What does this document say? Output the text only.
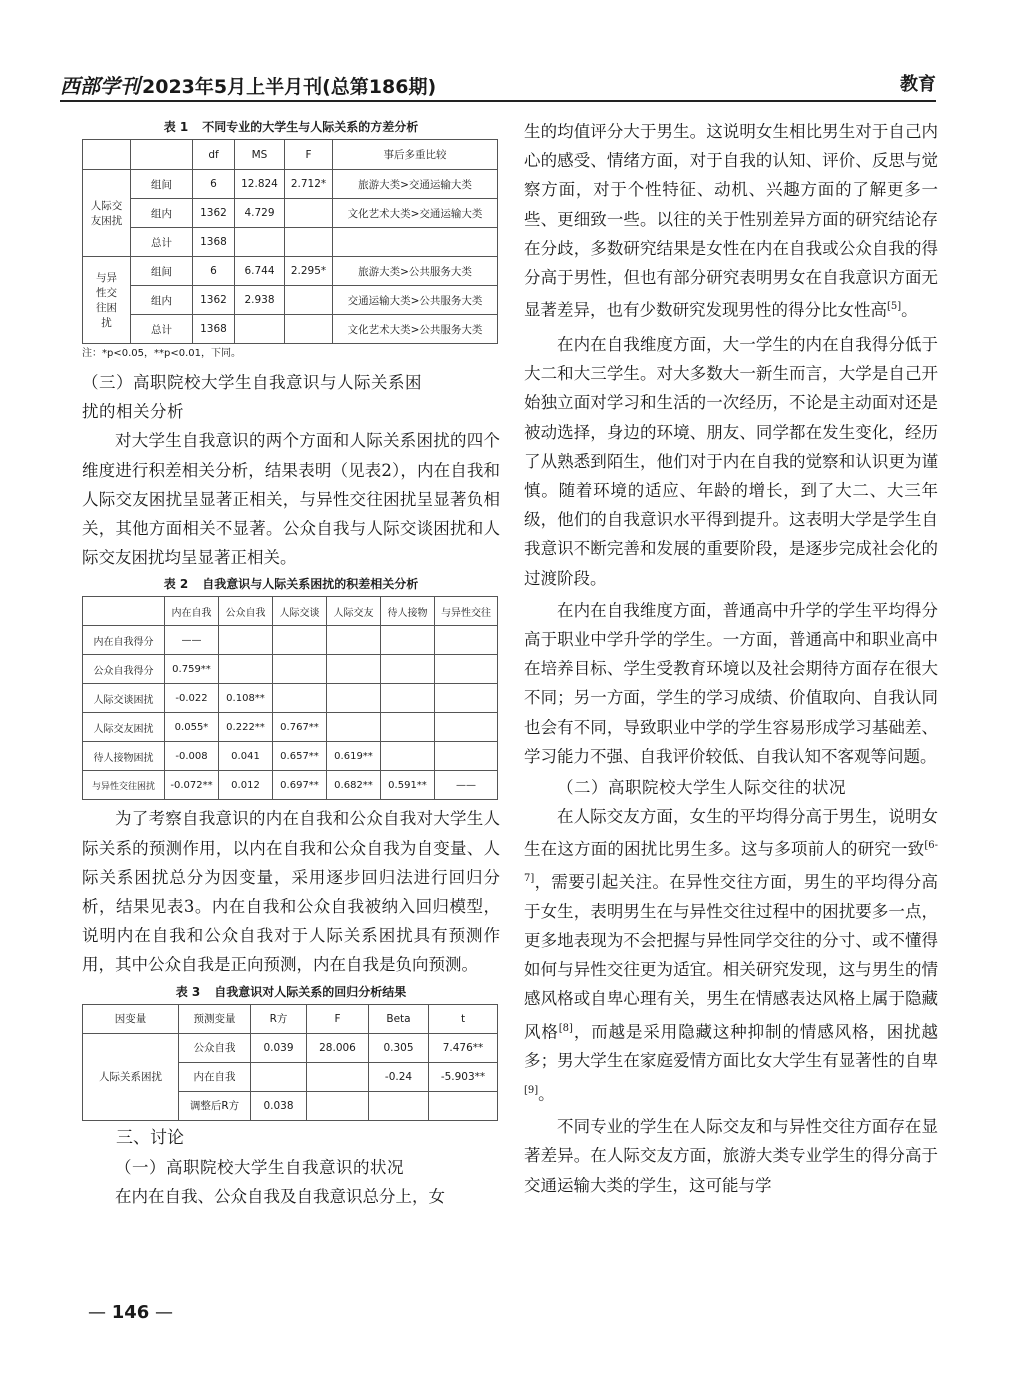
西部学刊 2023年5月上半月刊(总第186期)	教育
表 1 不同专业的大学生与人际关系的方差分析
		df	MS	F	事后多重比较
人际交友困扰	组间	6	12.824	2.712*	旅游大类>交通运输大类
	组内	1362	4.729		文化艺术大类>交通运输大类
	总计	1368			
与异性交往困扰	组间	6	6.744	2.295*	旅游大类>公共服务大类
	组内	1362	2.938		交通运输大类>公共服务大类
	总计	1368			文化艺术大类>公共服务大类

注：*p<0.05，**p<0.01，下同。

（三）高职院校大学生自我意识与人际关系困

扰的相关分析

对大学生自我意识的两个方面和人际关系困扰的四个维度进行积差相关分析，结果表明（见表2），内在自我和人际交友困扰呈显著正相关，与异性交往困扰呈显著负相关，其他方面相关不显著。公众自我与人际交谈困扰和人际交友困扰均呈显著正相关。

表 2 自我意识与人际关系困扰的积差相关分析
	内在自我	公众自我	人际交谈	人际交友	待人接物	与异性交往
内在自我得分	——					
公众自我得分	0.759**					
人际交谈困扰	-0.022	0.108**				
人际交友困扰	0.055*	0.222**	0.767**			
待人接物困扰	-0.008	0.041	0.657**	0.619**		
与异性交往困扰	-0.072**	0.012	0.697**	0.682**	0.591**	——

为了考察自我意识的内在自我和公众自我对大学生人际关系的预测作用，以内在自我和公众自我为自变量、人际关系困扰总分为因变量，采用逐步回归法进行回归分析，结果见表3。内在自我和公众自我被纳入回归模型，说明内在自我和公众自我对于人际关系困扰具有预测作用，其中公众自我是正向预测，内在自我是负向预测。

表 3 自我意识对人际关系的回归分析结果
因变量	预测变量	R方	F	Beta	t
人际关系困扰	公众自我	0.039	28.006	0.305	7.476**
	内在自我			-0.24	-5.903**
	调整后R方	0.038			

三、讨论

（一）高职院校大学生自我意识的状况

在内在自我、公众自我及自我意识总分上，女

生的均值评分大于男生。这说明女生相比男生对于自己内心的感受、情绪方面，对于自我的认知、评价、反思与觉察方面，对于个性特征、动机、兴趣方面的了解更多一些、更细致一些。以往的关于性别差异方面的研究结论存在分歧，多数研究结果是女性在内在自我或公众自我的得分高于男性，但也有部分研究表明男女在自我意识方面无显著差异，也有少数研究发现男性的得分比女性高[5]。

在内在自我维度方面，大一学生的内在自我得分低于大二和大三学生。对大多数大一新生而言，大学是自己开始独立面对学习和生活的一次经历，不论是主动面对还是被动选择，身边的环境、朋友、同学都在发生变化，经历了从熟悉到陌生，他们对于内在自我的觉察和认识更为谨慎。随着环境的适应、年龄的增长，到了大二、大三年级，他们的自我意识水平得到提升。这表明大学是学生自我意识不断完善和发展的重要阶段，是逐步完成社会化的过渡阶段。

在内在自我维度方面，普通高中升学的学生平均得分高于职业中学升学的学生。一方面，普通高中和职业高中在培养目标、学生受教育环境以及社会期待方面存在很大不同；另一方面，学生的学习成绩、价值取向、自我认同也会有不同，导致职业中学的学生容易形成学习基础差、学习能力不强、自我评价较低、自我认知不客观等问题。

（二）高职院校大学生人际交往的状况

在人际交友方面，女生的平均得分高于男生，说明女生在这方面的困扰比男生多。这与多项前人的研究一致[6-7]，需要引起关注。在异性交往方面，男生的平均得分高于女生，表明男生在与异性交往过程中的困扰要多一点，更多地表现为不会把握与异性同学交往的分寸、或不懂得如何与异性交往更为适宜。相关研究发现，这与男生的情感风格或自卑心理有关，男生在情感表达风格上属于隐藏风格[8]，而越是采用隐藏这种抑制的情感风格，困扰越多；男大学生在家庭爱情方面比女大学生有显著性的自卑[9]。

不同专业的学生在人际交友和与异性交往方面存在显著差异。在人际交友方面，旅游大类专业学生的得分高于交通运输大类的学生，这可能与学

— 146 —
